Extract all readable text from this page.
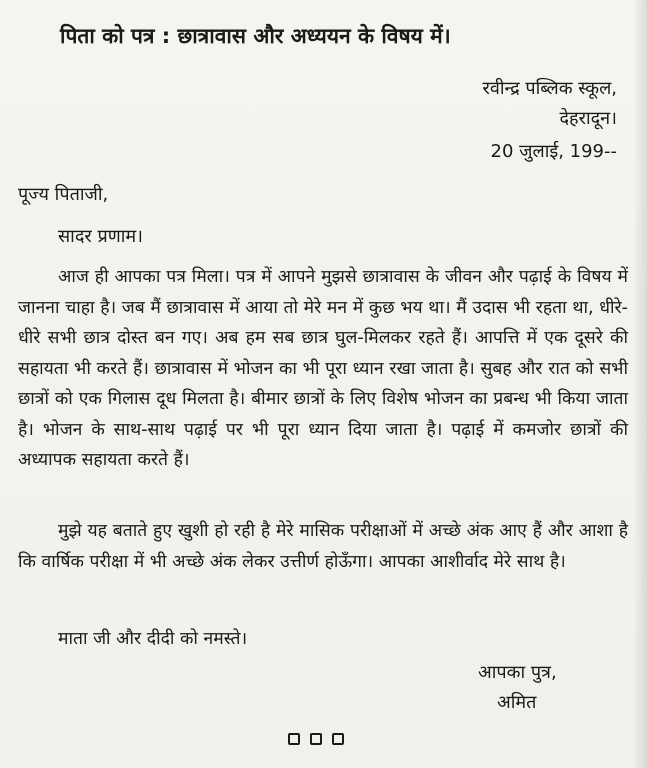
पिता को पत्र : छात्रावास और अध्ययन के विषय में।
रवीन्द्र पब्लिक स्कूल,
देहरादून।
20 जुलाई, 199--
पूज्य पिताजी,
सादर प्रणाम।
आज ही आपका पत्र मिला। पत्र में आपने मुझसे छात्रावास के जीवन और पढ़ाई के विषय में जानना चाहा है। जब मैं छात्रावास में आया तो मेरे मन में कुछ भय था। मैं उदास भी रहता था, धीरे-धीरे सभी छात्र दोस्त बन गए। अब हम सब छात्र घुल-मिलकर रहते हैं। आपत्ति में एक दूसरे की सहायता भी करते हैं। छात्रावास में भोजन का भी पूरा ध्यान रखा जाता है। सुबह और रात को सभी छात्रों को एक गिलास दूध मिलता है। बीमार छात्रों के लिए विशेष भोजन का प्रबन्ध भी किया जाता है। भोजन के साथ-साथ पढ़ाई पर भी पूरा ध्यान दिया जाता है। पढ़ाई में कमजोर छात्रों की अध्यापक सहायता करते हैं।
मुझे यह बताते हुए खुशी हो रही है मेरे मासिक परीक्षाओं में अच्छे अंक आए हैं और आशा है कि वार्षिक परीक्षा में भी अच्छे अंक लेकर उत्तीर्ण होऊँगा। आपका आशीर्वाद मेरे साथ है।
माता जी और दीदी को नमस्ते।
आपका पुत्र,
अमित
